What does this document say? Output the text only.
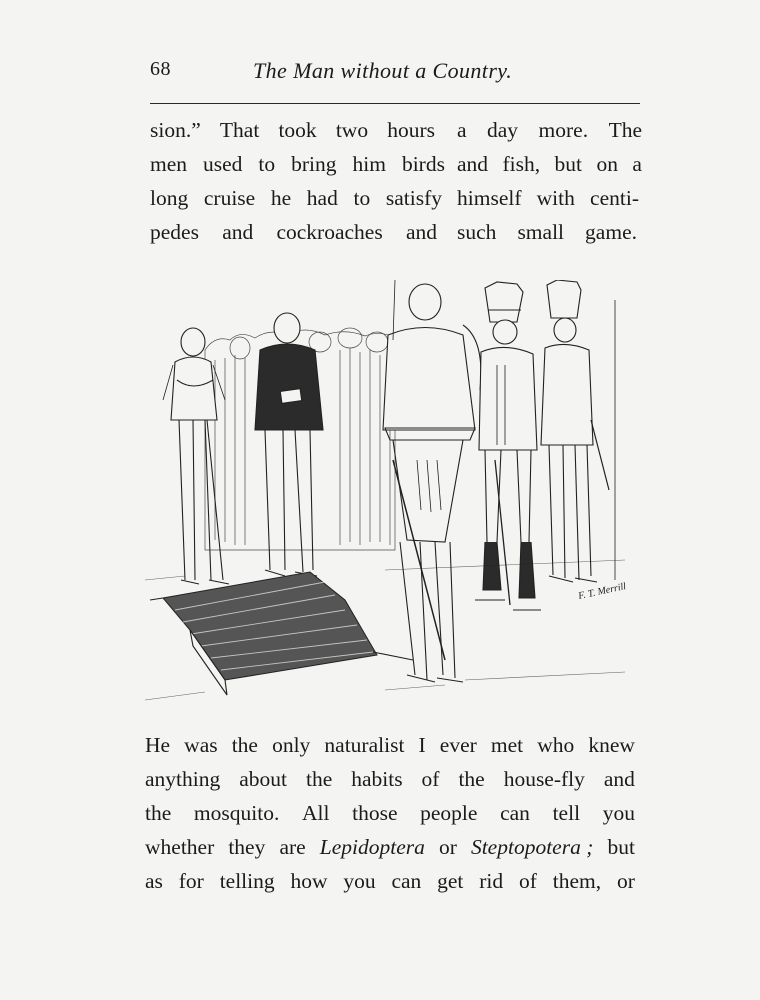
68	The Man without a Country.
sion.” That took two hours a day more. The
men used to bring him birds and fish, but on a
long cruise he had to satisfy himself with centi-
pedes and cockroaches and such small game.
F. T. Merrill
He was the only naturalist I ever met who knew
anything about the habits of the house-fly and
the mosquito. All those people can tell you
whether they are Lepidoptera or Steptopotera ; but
as for telling how you can get rid of them, or
